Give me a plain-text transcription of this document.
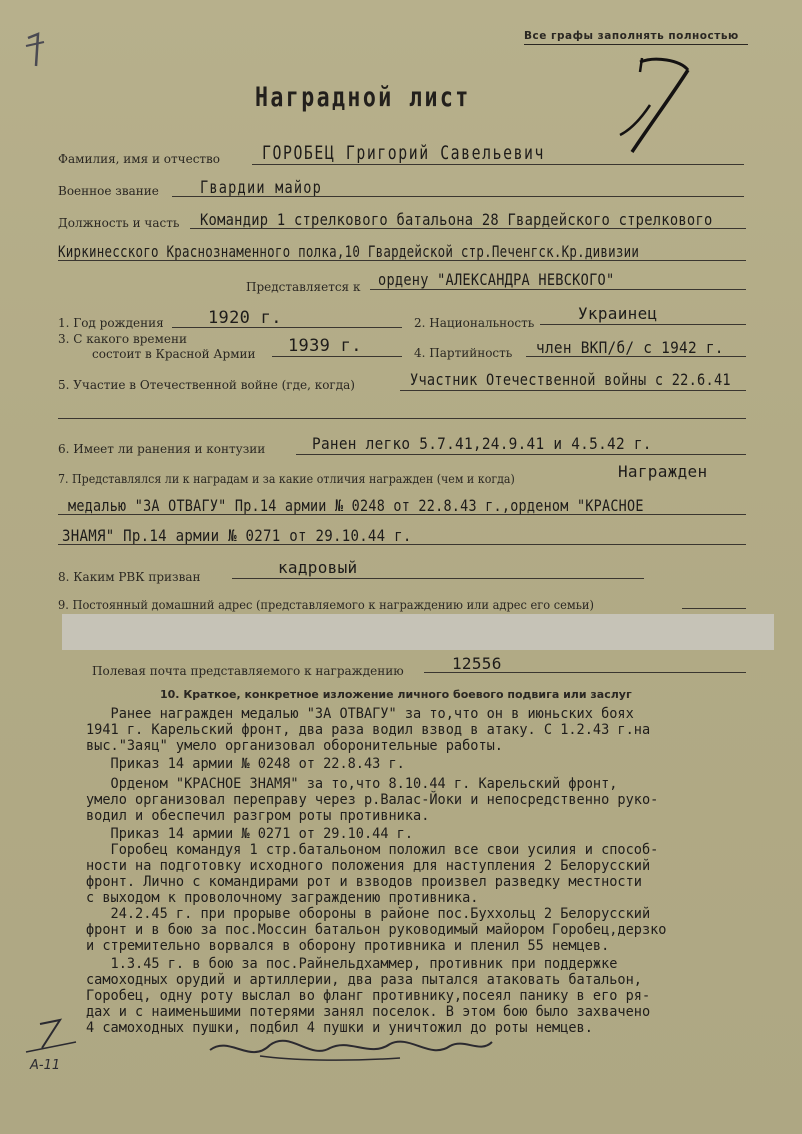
Все графы заполнять полностью
Наградной лист
Фамилия, имя и отчество ГОРОБЕЦ Григорий Савельевич
Военное звание Гвардии майор
Должность и часть Командир 1 стрелкового батальона 28 Гвардейского стрелкового
Киркинесского Краснознаменного полка,10 Гвардейской стр.Печенгск.Кр.дивизии
Представляется к ордену "АЛЕКСАНДРА НЕВСКОГО"
1. Год рождения	1920 г.	2. Национальность	Украинец
3. С какого времени
состоит в Красной Армии 1939 г.	4. Партийность член ВКП/б/ с 1942 г.
5. Участие в Отечественной войне (где, когда)	Участник Отечественной войны с 22.6.41
6. Имеет ли ранения и контузии	Ранен легко 5.7.41,24.9.41 и 4.5.42 г.
7. Представлялся ли к наградам и за какие отличия награжден (чем и когда)	Награжден
медалью "ЗА ОТВАГУ" Пр.14 армии № 0248 от 22.8.43 г.,орденом "КРАСНОЕ
ЗНАМЯ" Пр.14 армии № 0271 от 29.10.44 г.
8. Каким РВК призван	кадровый
9. Постоянный домашний адрес (представляемого к награждению или адрес его семьи)
Полевая почта представляемого к награждению	12556
10. Краткое, конкретное изложение личного боевого подвига или заслуг
Ранее награжден медалью "ЗА ОТВАГУ" за то,что он в июньских боях
1941 г. Карельский фронт, два раза водил взвод в атаку. С 1.2.43 г.на
выс."Заяц" умело организовал оборонительные работы.
Приказ 14 армии № 0248 от 22.8.43 г.
Орденом "КРАСНОЕ ЗНАМЯ" за то,что 8.10.44 г. Карельский фронт,
умело организовал переправу через р.Валас-Йоки и непосредственно руко-
водил и обеспечил разгром роты противника.
Приказ 14 армии № 0271 от 29.10.44 г.
Горобец командуя 1 стр.батальоном положил все свои усилия и способ-
ности на подготовку исходного положения для наступления 2 Белорусский
фронт. Лично с командирами рот и взводов произвел разведку местности
с выходом к проволочному заграждению противника.
24.2.45 г. при прорыве обороны в районе пос.Буххольц 2 Белорусский
фронт и в бою за пос.Моссин батальон руководимый майором Горобец,дерзко
и стремительно ворвался в оборону противника и пленил 55 немцев.
1.3.45 г. в бою за пос.Райнельдхаммер, противник при поддержке
самоходных орудий и артиллерии, два раза пытался атаковать батальон,
Горобец, одну роту выслал во фланг противнику,посеял панику в его ря-
дах и с наименьшими потерями занял поселок. В этом бою было захвачено
4 самоходных пушки, подбил 4 пушки и уничтожил до роты немцев.
А-11
